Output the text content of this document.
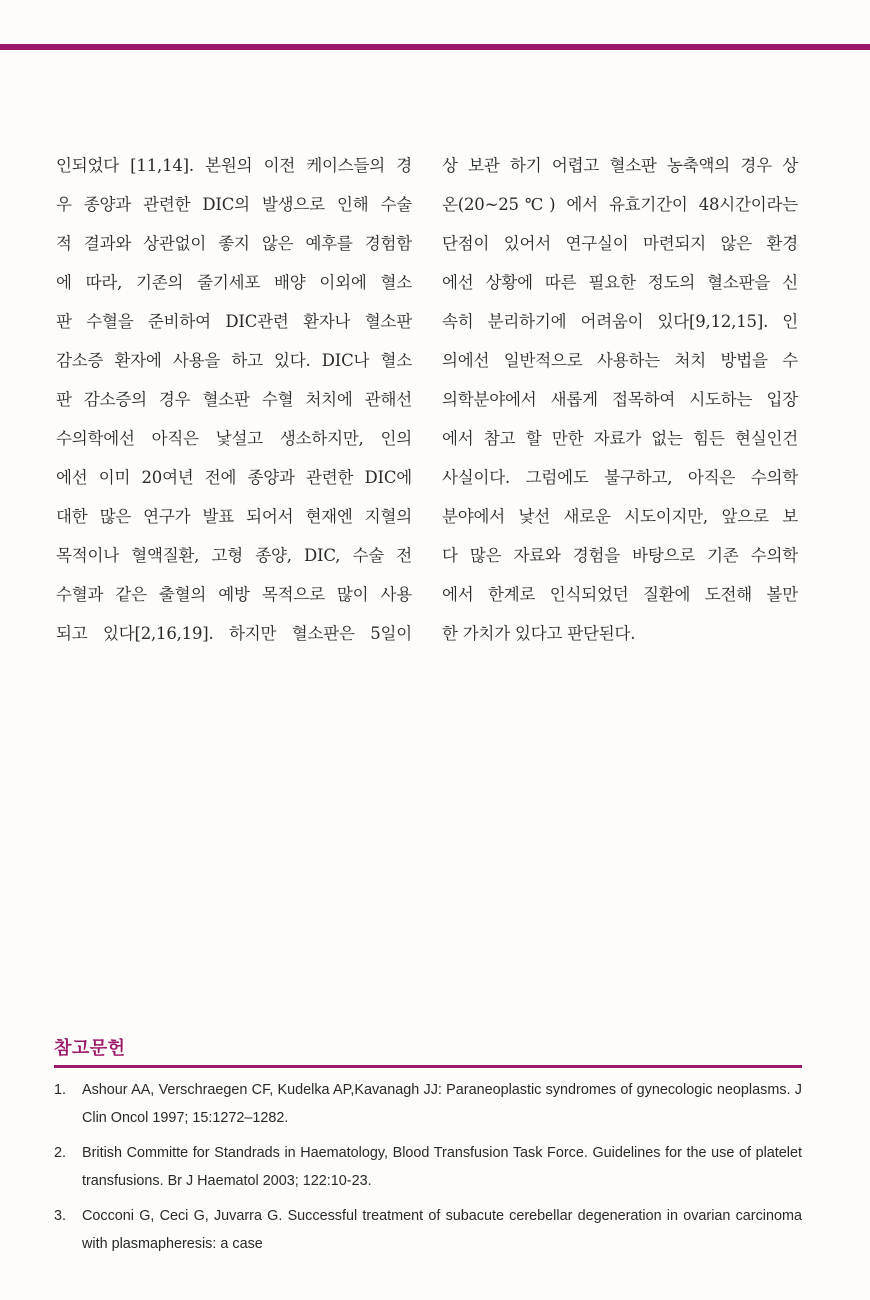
인되었다 [11,14]. 본원의 이전 케이스들의 경
우 종양과 관련한 DIC의 발생으로 인해 수술
적 결과와 상관없이 좋지 않은 예후를 경험함
에 따라, 기존의 줄기세포 배양 이외에 혈소
판 수혈을 준비하여 DIC관련 환자나 혈소판
감소증 환자에 사용을 하고 있다. DIC나 혈소
판 감소증의 경우 혈소판 수혈 처치에 관해선
수의학에선 아직은 낯설고 생소하지만, 인의
에선 이미 20여년 전에 종양과 관련한 DIC에
대한 많은 연구가 발표 되어서 현재엔 지혈의
목적이나 혈액질환, 고형 종양, DIC, 수술 전
수혈과 같은 출혈의 예방 목적으로 많이 사용
되고 있다[2,16,19]. 하지만 혈소판은 5일이
상 보관 하기 어렵고 혈소판 농축액의 경우 상
온(20~25℃) 에서 유효기간이 48시간이라는
단점이 있어서 연구실이 마련되지 않은 환경
에선 상황에 따른 필요한 정도의 혈소판을 신
속히 분리하기에 어려움이 있다[9,12,15]. 인
의에선 일반적으로 사용하는 처치 방법을 수
의학분야에서 새롭게 접목하여 시도하는 입장
에서 참고 할 만한 자료가 없는 힘든 현실인건
사실이다. 그럼에도 불구하고, 아직은 수의학
분야에서 낯선 새로운 시도이지만, 앞으로 보
다 많은 자료와 경험을 바탕으로 기존 수의학
에서 한계로 인식되었던 질환에 도전해 볼만
한 가치가 있다고 판단된다.
참고문헌
1.	Ashour AA, Verschraegen CF, Kudelka AP,Kavanagh JJ: Paraneoplastic syndromes of gynecologic neoplasms. J Clin Oncol 1997; 15:1272–1282.
2.	British Committe for Standrads in Haematology, Blood Transfusion Task Force. Guidelines for the use of platelet transfusions. Br J Haematol 2003; 122:10-23.
3.	Cocconi G, Ceci G, Juvarra G. Successful treatment of subacute cerebellar degeneration in ovarian carcinoma with plasmapheresis: a case
